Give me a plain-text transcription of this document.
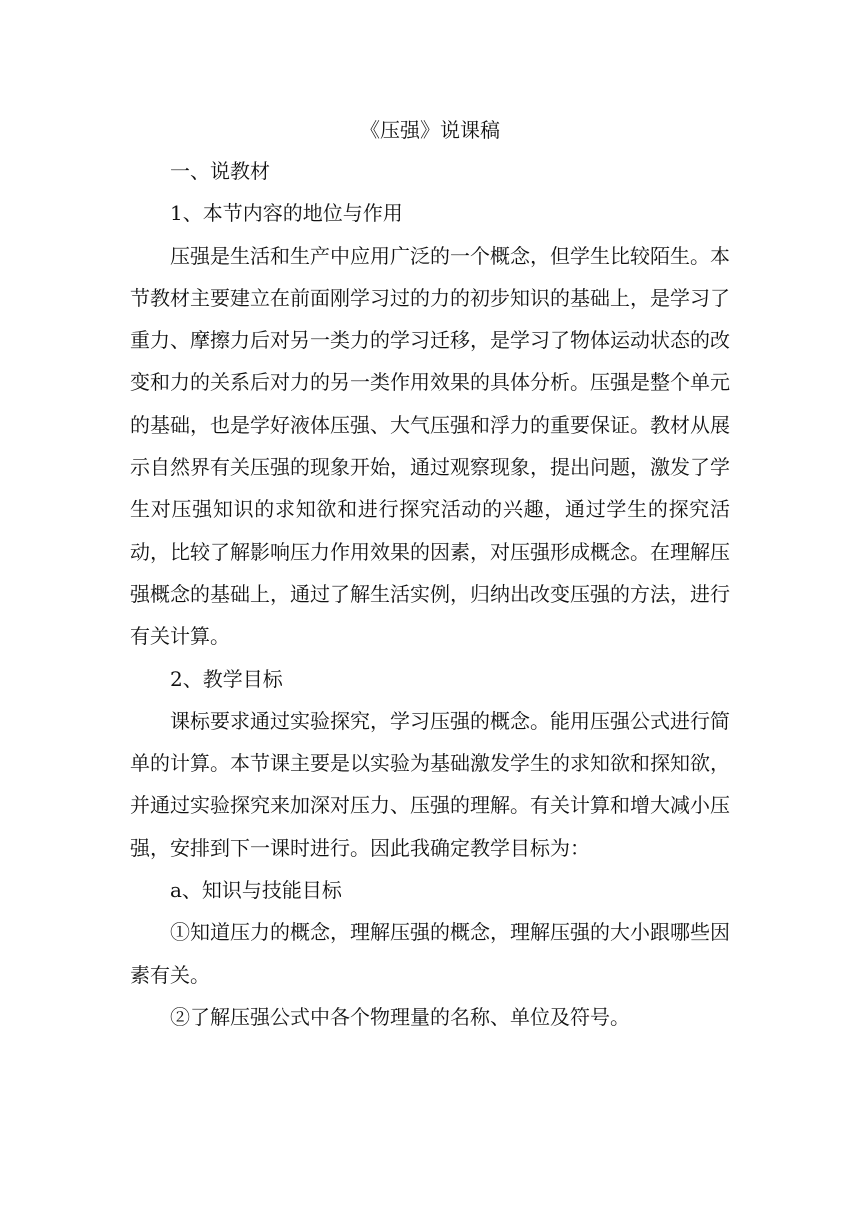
《压强》说课稿

一、说教材

1、本节内容的地位与作用

压强是生活和生产中应用广泛的一个概念，但学生比较陌生。本节教材主要建立在前面刚学习过的力的初步知识的基础上，是学习了重力、摩擦力后对另一类力的学习迁移，是学习了物体运动状态的改变和力的关系后对力的另一类作用效果的具体分析。压强是整个单元的基础，也是学好液体压强、大气压强和浮力的重要保证。教材从展示自然界有关压强的现象开始，通过观察现象，提出问题，激发了学生对压强知识的求知欲和进行探究活动的兴趣，通过学生的探究活动，比较了解影响压力作用效果的因素，对压强形成概念。在理解压强概念的基础上，通过了解生活实例，归纳出改变压强的方法，进行有关计算。

2、教学目标

课标要求通过实验探究，学习压强的概念。能用压强公式进行简单的计算。本节课主要是以实验为基础激发学生的求知欲和探知欲，并通过实验探究来加深对压力、压强的理解。有关计算和增大减小压强，安排到下一课时进行。因此我确定教学目标为：

a、知识与技能目标

①知道压力的概念，理解压强的概念，理解压强的大小跟哪些因素有关。

②了解压强公式中各个物理量的名称、单位及符号。
